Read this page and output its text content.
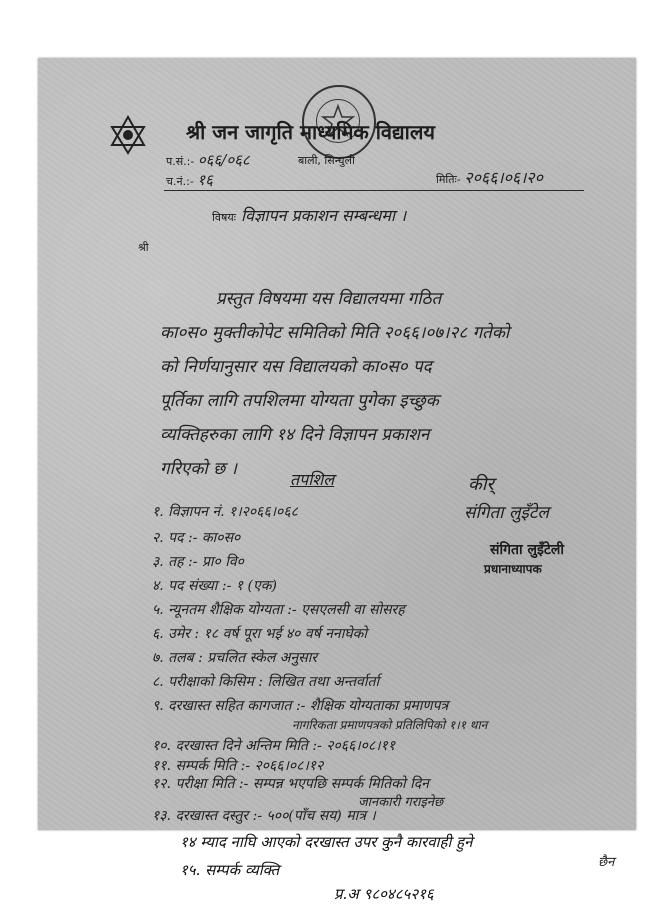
श्री जन जागृति माध्यमिक विद्यालय
बाली, सिन्धुली
प.सं.:- ०६६/०६८
च.नं.:- १६	मितिः- २०६६।०६।२०
विषयः विज्ञापन प्रकाशन सम्बन्धमा ।
श्री
प्रस्तुत विषयमा यस विद्यालयमा गठित
का०स० मुक्तीकोपेट समितिको मिति २०६६।०७।२८ गतेको
को निर्णयानुसार यस विद्यालयको का०स० पद
पूर्तिका लागि तपशिलमा योग्यता पुगेका इच्छुक
व्यक्तिहरुका लागि १४ दिने विज्ञापन प्रकाशन
गरिएको छ ।
तपशिल	कीर्
संगिता लुइँटेल
संगिता लुइँटेली
प्रधानाध्यापक
१. विज्ञापन नं. १।२०६६।०६८
२. पद :- का०स०
३. तह :- प्रा० वि०
४. पद संख्या :- १ (एक)
५. न्यूनतम शैक्षिक योग्यता :- एसएलसी वा सोसरह
६. उमेर : १८ वर्ष पूरा भई ४० वर्ष ननाघेको
७. तलब : प्रचलित स्केल अनुसार
८. परीक्षाको किसिम : लिखित तथा अन्तर्वार्ता
९. दरखास्त सहित कागजात :- शैक्षिक योग्यताका प्रमाणपत्र
नागरिकता प्रमाणपत्रको प्रतिलिपिको १।१ थान
१०. दरखास्त दिने अन्तिम मिति :- २०६६।०८।११
११. सम्पर्क मिति :- २०६६।०८।१२
१२. परीक्षा मिति :- सम्पन्न भएपछि सम्पर्क मितिको दिन
जानकारी गराइनेछ
१३. दरखास्त दस्तुर :- ५००(पाँच सय) मात्र ।
१४ म्याद नाघि आएको दरखास्त उपर कुनै कारवाही हुने
छैन
१५. सम्पर्क व्यक्ति
प्र.अ ९८०४८५२१६
